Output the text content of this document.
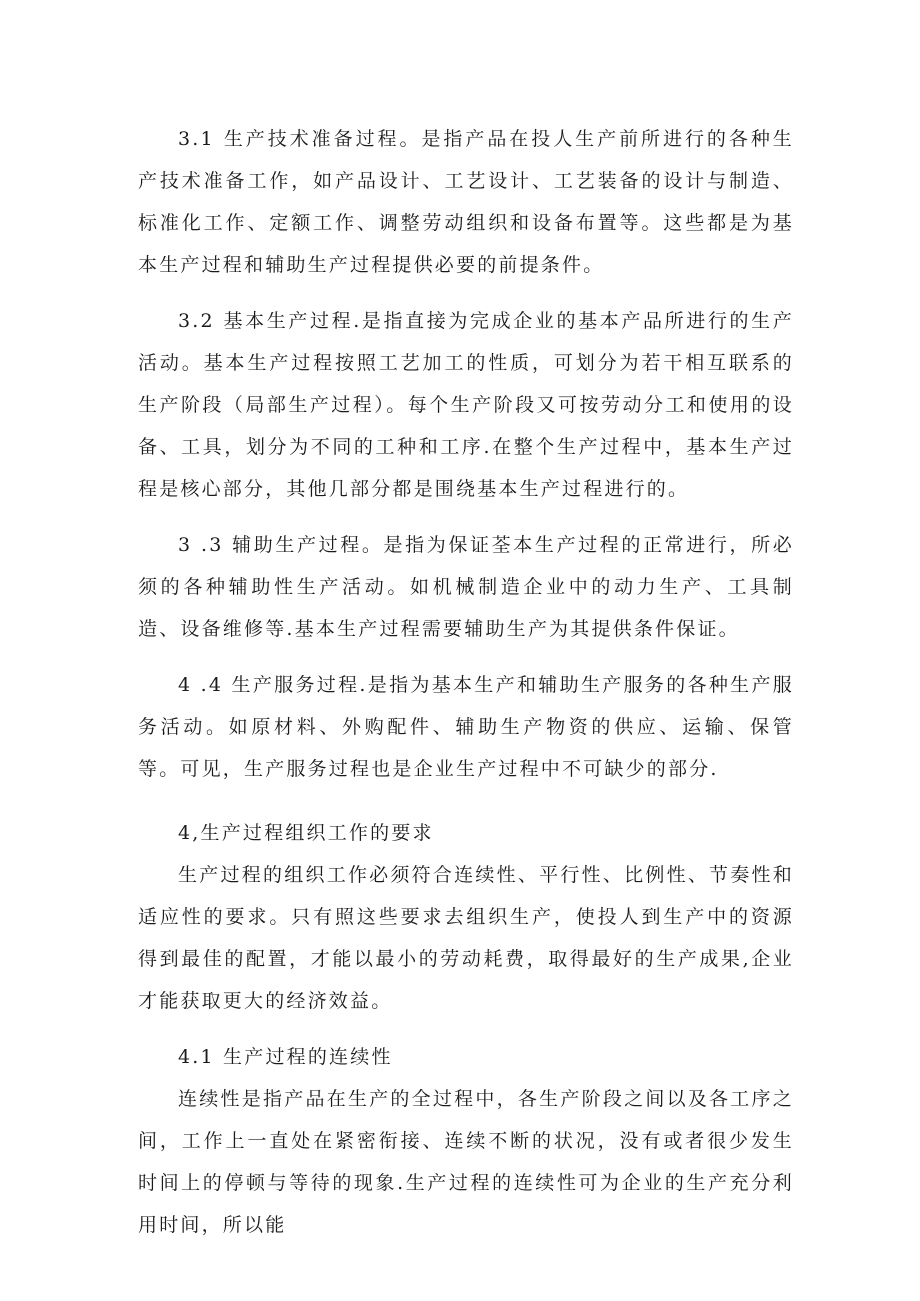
3.1 生产技术准备过程。是指产品在投人生产前所进行的各种生产技术准备工作，如产品设计、工艺设计、工艺装备的设计与制造、标准化工作、定额工作、调整劳动组织和设备布置等。这些都是为基本生产过程和辅助生产过程提供必要的前提条件。

3.2 基本生产过程.是指直接为完成企业的基本产品所进行的生产活动。基本生产过程按照工艺加工的性质，可划分为若干相互联系的生产阶段（局部生产过程）。每个生产阶段又可按劳动分工和使用的设备、工具，划分为不同的工种和工序.在整个生产过程中，基本生产过程是核心部分，其他几部分都是围绕基本生产过程进行的。

3 .3 辅助生产过程。是指为保证荃本生产过程的正常进行，所必须的各种辅助性生产活动。如机械制造企业中的动力生产、工具制造、设备维修等.基本生产过程需要辅助生产为其提供条件保证。

4 .4 生产服务过程.是指为基本生产和辅助生产服务的各种生产服务活动。如原材料、外购配件、辅助生产物资的供应、运输、保管等。可见，生产服务过程也是企业生产过程中不可缺少的部分.

4,生产过程组织工作的要求

生产过程的组织工作必须符合连续性、平行性、比例性、节奏性和适应性的要求。只有照这些要求去组织生产，使投人到生产中的资源得到最佳的配置，才能以最小的劳动耗费，取得最好的生产成果,企业才能获取更大的经济效益。

4.1 生产过程的连续性

连续性是指产品在生产的全过程中，各生产阶段之间以及各工序之间，工作上一直处在紧密衔接、连续不断的状况，没有或者很少发生时间上的停顿与等待的现象.生产过程的连续性可为企业的生产充分利用时间，所以能
